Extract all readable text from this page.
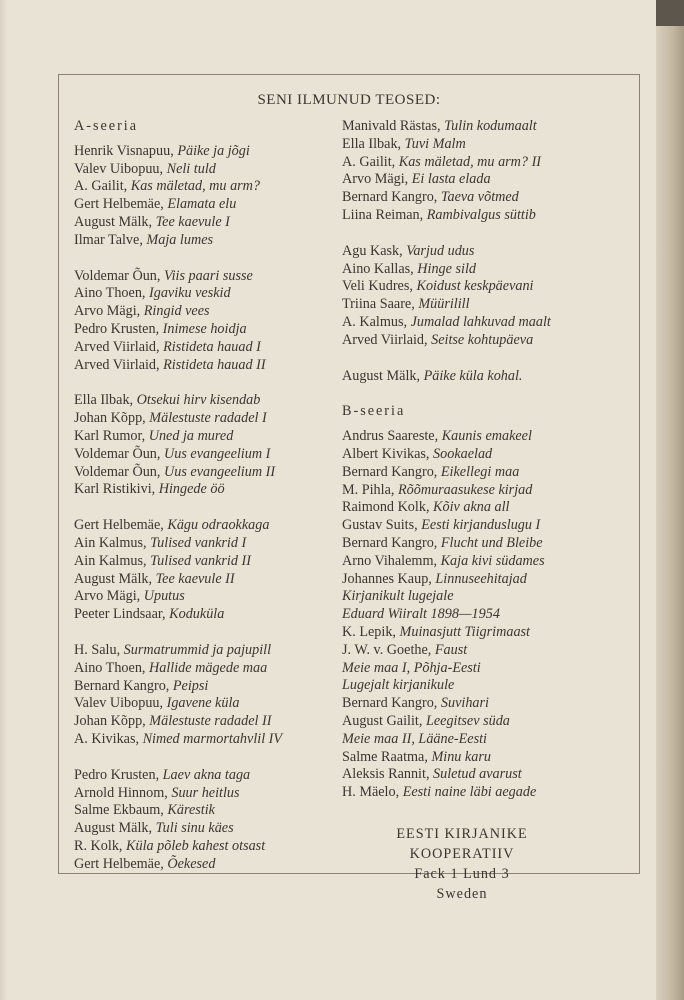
SENI ILMUNUD TEOSED:
A-seeria
Henrik Visnapuu, Päike ja jõgi
Valev Uibopuu, Neli tuld
A. Gailit, Kas mäletad, mu arm?
Gert Helbemäe, Elamata elu
August Mälk, Tee kaevule I
Ilmar Talve, Maja lumes
Voldemar Õun, Viis paari susse
Aino Thoen, Igaviku veskid
Arvo Mägi, Ringid vees
Pedro Krusten, Inimese hoidja
Arved Viirlaid, Ristideta hauad I
Arved Viirlaid, Ristideta hauad II
Ella Ilbak, Otsekui hirv kisendab
Johan Kõpp, Mälestuste radadel I
Karl Rumor, Uned ja mured
Voldemar Õun, Uus evangeelium I
Voldemar Õun, Uus evangeelium II
Karl Ristikivi, Hingede öö
Gert Helbemäe, Kägu odraokkaga
Ain Kalmus, Tulised vankrid I
Ain Kalmus, Tulised vankrid II
August Mälk, Tee kaevule II
Arvo Mägi, Uputus
Peeter Lindsaar, Koduküla
H. Salu, Surmatrummid ja pajupill
Aino Thoen, Hallide mägede maa
Bernard Kangro, Peipsi
Valev Uibopuu, Igavene küla
Johan Kõpp, Mälestuste radadel II
A. Kivikas, Nimed marmortahvlil IV
Pedro Krusten, Laev akna taga
Arnold Hinnom, Suur heitlus
Salme Ekbaum, Kärestik
August Mälk, Tuli sinu käes
R. Kolk, Küla põleb kahest otsast
Gert Helbemäe, Õekesed
Manivald Rästas, Tulin kodumaalt
Ella Ilbak, Tuvi Malm
A. Gailit, Kas mäletad, mu arm? II
Arvo Mägi, Ei lasta elada
Bernard Kangro, Taeva võtmed
Liina Reiman, Rambivalgus süttib
Agu Kask, Varjud udus
Aino Kallas, Hinge sild
Veli Kudres, Koidust keskpäevani
Triina Saare, Müürilill
A. Kalmus, Jumalad lahkuvad maalt
Arved Viirlaid, Seitse kohtupäeva
August Mälk, Päike küla kohal.
B-seeria
Andrus Saareste, Kaunis emakeel
Albert Kivikas, Sookaelad
Bernard Kangro, Eikellegi maa
M. Pihla, Rõõmuraasukese kirjad
Raimond Kolk, Kõiv akna all
Gustav Suits, Eesti kirjanduslugu I
Bernard Kangro, Flucht und Bleibe
Arno Vihalemm, Kaja kivi südames
Johannes Kaup, Linnuseehitajad
Kirjanikult lugejale
Eduard Wiiralt 1898—1954
K. Lepik, Muinasjutt Tiigrimaast
J. W. v. Goethe, Faust
Meie maa I, Põhja-Eesti
Lugejalt kirjanikule
Bernard Kangro, Suvihari
August Gailit, Leegitsev süda
Meie maa II, Lääne-Eesti
Salme Raatma, Minu karu
Aleksis Rannit, Suletud avarust
H. Mäelo, Eesti naine läbi aegade
EESTI KIRJANIKE
KOOPERATIIV
Fack 1 Lund 3
Sweden
